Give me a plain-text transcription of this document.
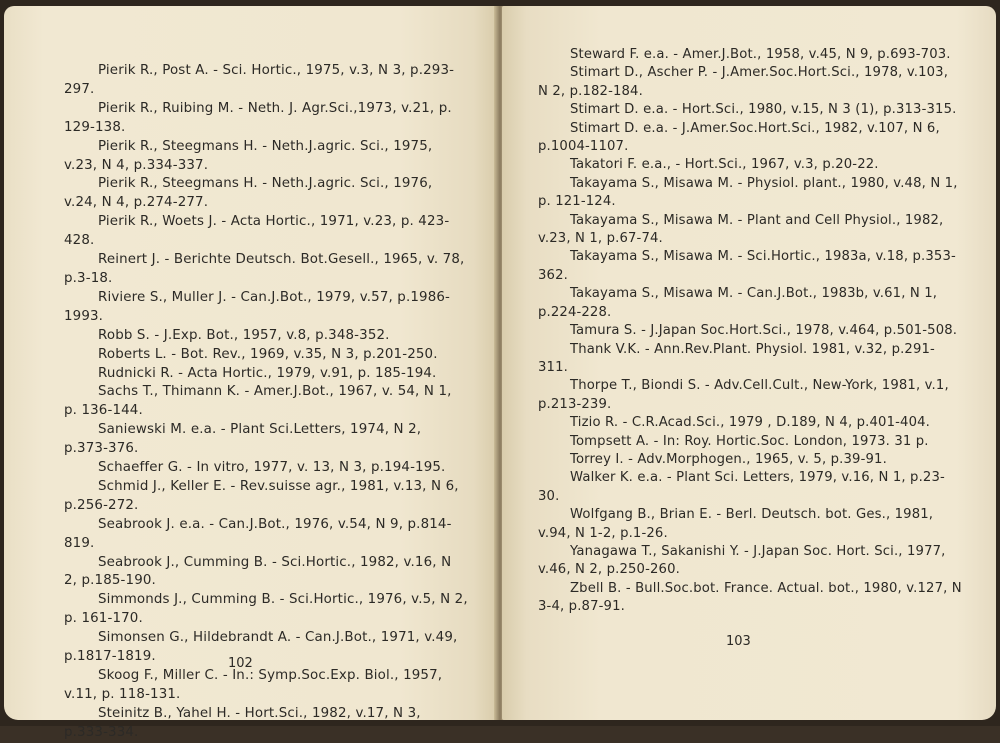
Pierik R., Post A. - Sci. Hortic., 1975, v.3, N 3, p.293-297.
Pierik R., Ruibing M. - Neth. J. Agr.Sci.,1973, v.21, p. 129-138.
Pierik R., Steegmans H. - Neth.J.agric. Sci., 1975, v.23, N 4, p.334-337.
Pierik R., Steegmans H. - Neth.J.agric. Sci., 1976, v.24, N 4, p.274-277.
Pierik R., Woets J. - Acta Hortic., 1971, v.23, p. 423-428.
Reinert J. - Berichte Deutsch. Bot.Gesell., 1965, v. 78, p.3-18.
Riviere S., Muller J. - Can.J.Bot., 1979, v.57, p.1986-1993.
Robb S. - J.Exp. Bot., 1957, v.8, p.348-352.
Roberts L. - Bot. Rev., 1969, v.35, N 3, p.201-250.
Rudnicki R. - Acta Hortic., 1979, v.91, p. 185-194.
Sachs T., Thimann K. - Amer.J.Bot., 1967, v. 54, N 1, p. 136-144.
Saniewski M. e.a. - Plant Sci.Letters, 1974, N 2, p.373-376.
Schaeffer G. - In vitro, 1977, v. 13, N 3, p.194-195.
Schmid J., Keller E. - Rev.suisse agr., 1981, v.13, N 6, p.256-272.
Seabrook J. e.a. - Can.J.Bot., 1976, v.54, N 9, p.814-819.
Seabrook J., Cumming B. - Sci.Hortic., 1982, v.16, N 2, p.185-190.
Simmonds J., Cumming B. - Sci.Hortic., 1976, v.5, N 2, p. 161-170.
Simonsen G., Hildebrandt A. - Can.J.Bot., 1971, v.49, p.1817-1819.
Skoog F., Miller C. - In.: Symp.Soc.Exp. Biol., 1957, v.11, p. 118-131.
Steinitz B., Yahel H. - Hort.Sci., 1982, v.17, N 3, p.333-334.
102
Steward F. e.a. - Amer.J.Bot., 1958, v.45, N 9, p.693-703.
Stimart D., Ascher P. - J.Amer.Soc.Hort.Sci., 1978, v.103, N 2, p.182-184.
Stimart D. e.a. - Hort.Sci., 1980, v.15, N 3 (1), p.313-315.
Stimart D. e.a. - J.Amer.Soc.Hort.Sci., 1982, v.107, N 6, p.1004-1107.
Takatori F. e.a., - Hort.Sci., 1967, v.3, p.20-22.
Takayama S., Misawa M. - Physiol. plant., 1980, v.48, N 1, p. 121-124.
Takayama S., Misawa M. - Plant and Cell Physiol., 1982, v.23, N 1, p.67-74.
Takayama S., Misawa M. - Sci.Hortic., 1983a, v.18, p.353-362.
Takayama S., Misawa M. - Can.J.Bot., 1983b, v.61, N 1, p.224-228.
Tamura S. - J.Japan Soc.Hort.Sci., 1978, v.464, p.501-508.
Thank V.K. - Ann.Rev.Plant. Physiol. 1981, v.32, p.291-311.
Thorpe T., Biondi S. - Adv.Cell.Cult., New-York, 1981, v.1, p.213-239.
Tizio R. - C.R.Acad.Sci., 1979 , D.189, N 4, p.401-404.
Tompsett A. - In: Roy. Hortic.Soc. London, 1973. 31 p.
Torrey I. - Adv.Morphogen., 1965, v. 5, p.39-91.
Walker K. e.a. - Plant Sci. Letters, 1979, v.16, N 1, p.23-30.
Wolfgang B., Brian E. - Berl. Deutsch. bot. Ges., 1981, v.94, N 1-2, p.1-26.
Yanagawa T., Sakanishi Y. - J.Japan Soc. Hort. Sci., 1977, v.46, N 2, p.250-260.
Zbell B. - Bull.Soc.bot. France. Actual. bot., 1980, v.127, N 3-4, p.87-91.
103
